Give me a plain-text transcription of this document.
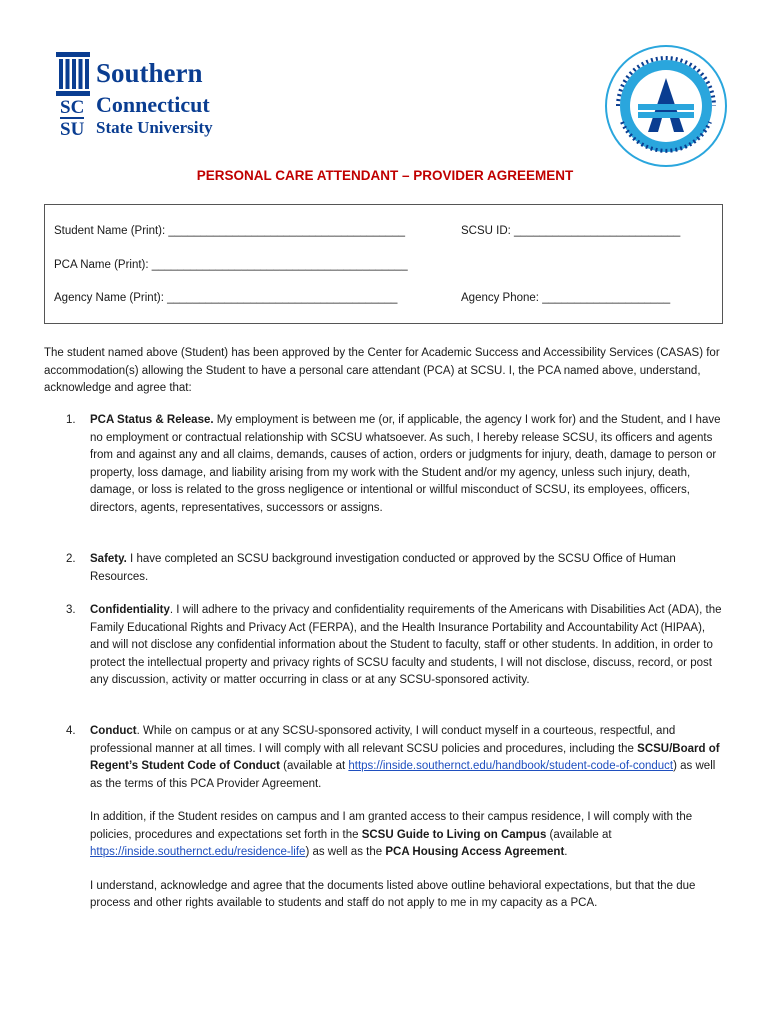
SC
SU
Southern
Connecticut
State University
PERSONAL CARE ATTENDANT – PROVIDER AGREEMENT
Student Name (Print): _____________________________________	SCSU ID: __________________________
PCA Name (Print): ________________________________________
Agency Name (Print): ____________________________________	Agency Phone: ____________________
The student named above (Student) has been approved by the Center for Academic Success and Accessibility Services (CASAS) for accommodation(s) allowing the Student to have a personal care attendant (PCA) at SCSU. I, the PCA named above, understand, acknowledge and agree that:
1. PCA Status & Release. My employment is between me (or, if applicable, the agency I work for) and the Student, and I have no employment or contractual relationship with SCSU whatsoever. As such, I hereby release SCSU, its officers and agents from and against any and all claims, demands, causes of action, orders or judgments for injury, death, damage to person or property, loss damage, and liability arising from my work with the Student and/or my agency, unless such injury, death, damage, or loss is related to the gross negligence or intentional or willful misconduct of SCSU, its employees, officers, directors, agents, representatives, successors or assigns.
2. Safety. I have completed an SCSU background investigation conducted or approved by the SCSU Office of Human Resources.
3. Confidentiality. I will adhere to the privacy and confidentiality requirements of the Americans with Disabilities Act (ADA), the Family Educational Rights and Privacy Act (FERPA), and the Health Insurance Portability and Accountability Act (HIPAA), and will not disclose any confidential information about the Student to faculty, staff or other students. In addition, in order to protect the intellectual property and privacy rights of SCSU faculty and students, I will not disclose, discuss, record, or post any discussion, activity or matter occurring in class or at any SCSU-sponsored activity.
4. Conduct. While on campus or at any SCSU-sponsored activity, I will conduct myself in a courteous, respectful, and professional manner at all times. I will comply with all relevant SCSU policies and procedures, including the SCSU/Board of Regent’s Student Code of Conduct (available at https://inside.southernct.edu/handbook/student-code-of-conduct) as well as the terms of this PCA Provider Agreement.

In addition, if the Student resides on campus and I am granted access to their campus residence, I will comply with the policies, procedures and expectations set forth in the SCSU Guide to Living on Campus (available at https://inside.southernct.edu/residence-life) as well as the PCA Housing Access Agreement.

I understand, acknowledge and agree that the documents listed above outline behavioral expectations, but that the due process and other rights available to students and staff do not apply to me in my capacity as a PCA.
